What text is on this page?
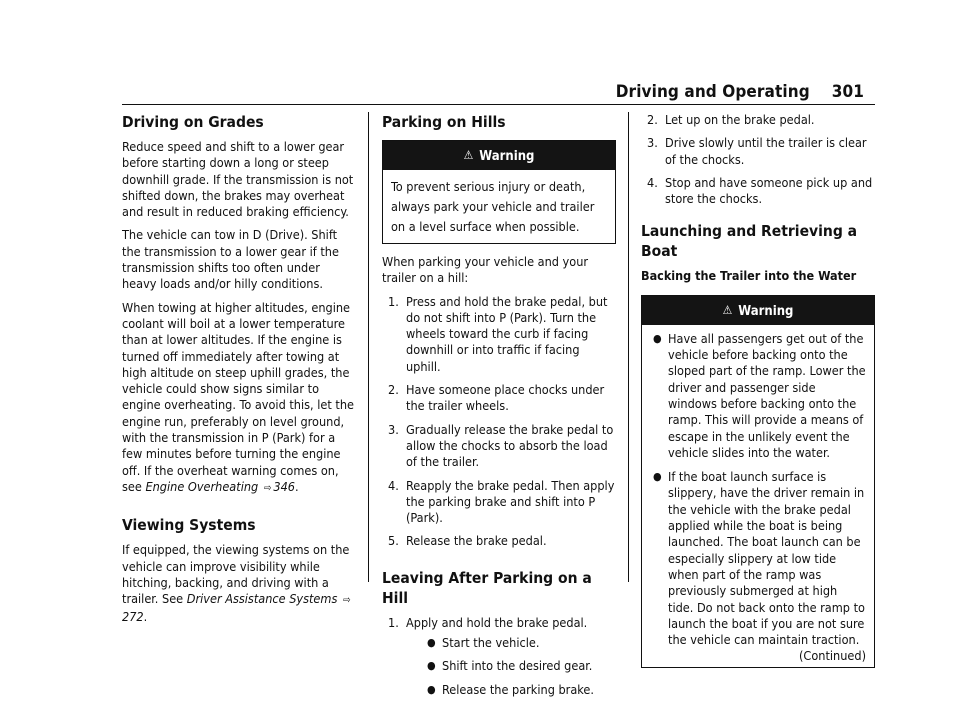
Driving and Operating 301
Driving on Grades

Reduce speed and shift to a lower gear before starting down a long or steep downhill grade. If the transmission is not shifted down, the brakes may overheat and result in reduced braking efficiency.

The vehicle can tow in D (Drive). Shift the transmission to a lower gear if the transmission shifts too often under heavy loads and/or hilly conditions.

When towing at higher altitudes, engine coolant will boil at a lower temperature than at lower altitudes. If the engine is turned off immediately after towing at high altitude on steep uphill grades, the vehicle could show signs similar to engine overheating. To avoid this, let the engine run, preferably on level ground, with the transmission in P (Park) for a few minutes before turning the engine off. If the overheat warning comes on, see Engine Overheating ⇨ 346.

Viewing Systems

If equipped, the viewing systems on the vehicle can improve visibility while hitching, backing, and driving with a trailer. See Driver Assistance Systems ⇨272.

Parking on Hills
⚠ Warning

To prevent serious injury or death, always park your vehicle and trailer on a level surface when possible.

When parking your vehicle and your trailer on a hill:

1. Press and hold the brake pedal, but do not shift into P (Park). Turn the wheels toward the curb if facing downhill or into traffic if facing uphill.
2. Have someone place chocks under the trailer wheels.
3. Gradually release the brake pedal to allow the chocks to absorb the load of the trailer.
4. Reapply the brake pedal. Then apply the parking brake and shift into P (Park).
5. Release the brake pedal.
Leaving After Parking on a Hill
1. Apply and hold the brake pedal.
● Start the vehicle.
● Shift into the desired gear.
● Release the parking brake.
2. Let up on the brake pedal.
3. Drive slowly until the trailer is clear of the chocks.
4. Stop and have someone pick up and store the chocks.
Launching and Retrieving a Boat
Backing the Trailer into the Water
⚠ Warning
● Have all passengers get out of the vehicle before backing onto the sloped part of the ramp. Lower the driver and passenger side windows before backing onto the ramp. This will provide a means of escape in the unlikely event the vehicle slides into the water.
● If the boat launch surface is slippery, have the driver remain in the vehicle with the brake pedal applied while the boat is being launched. The boat launch can be especially slippery at low tide when part of the ramp was previously submerged at high tide. Do not back onto the ramp to launch the boat if you are not sure the vehicle can maintain traction.
(Continued)
